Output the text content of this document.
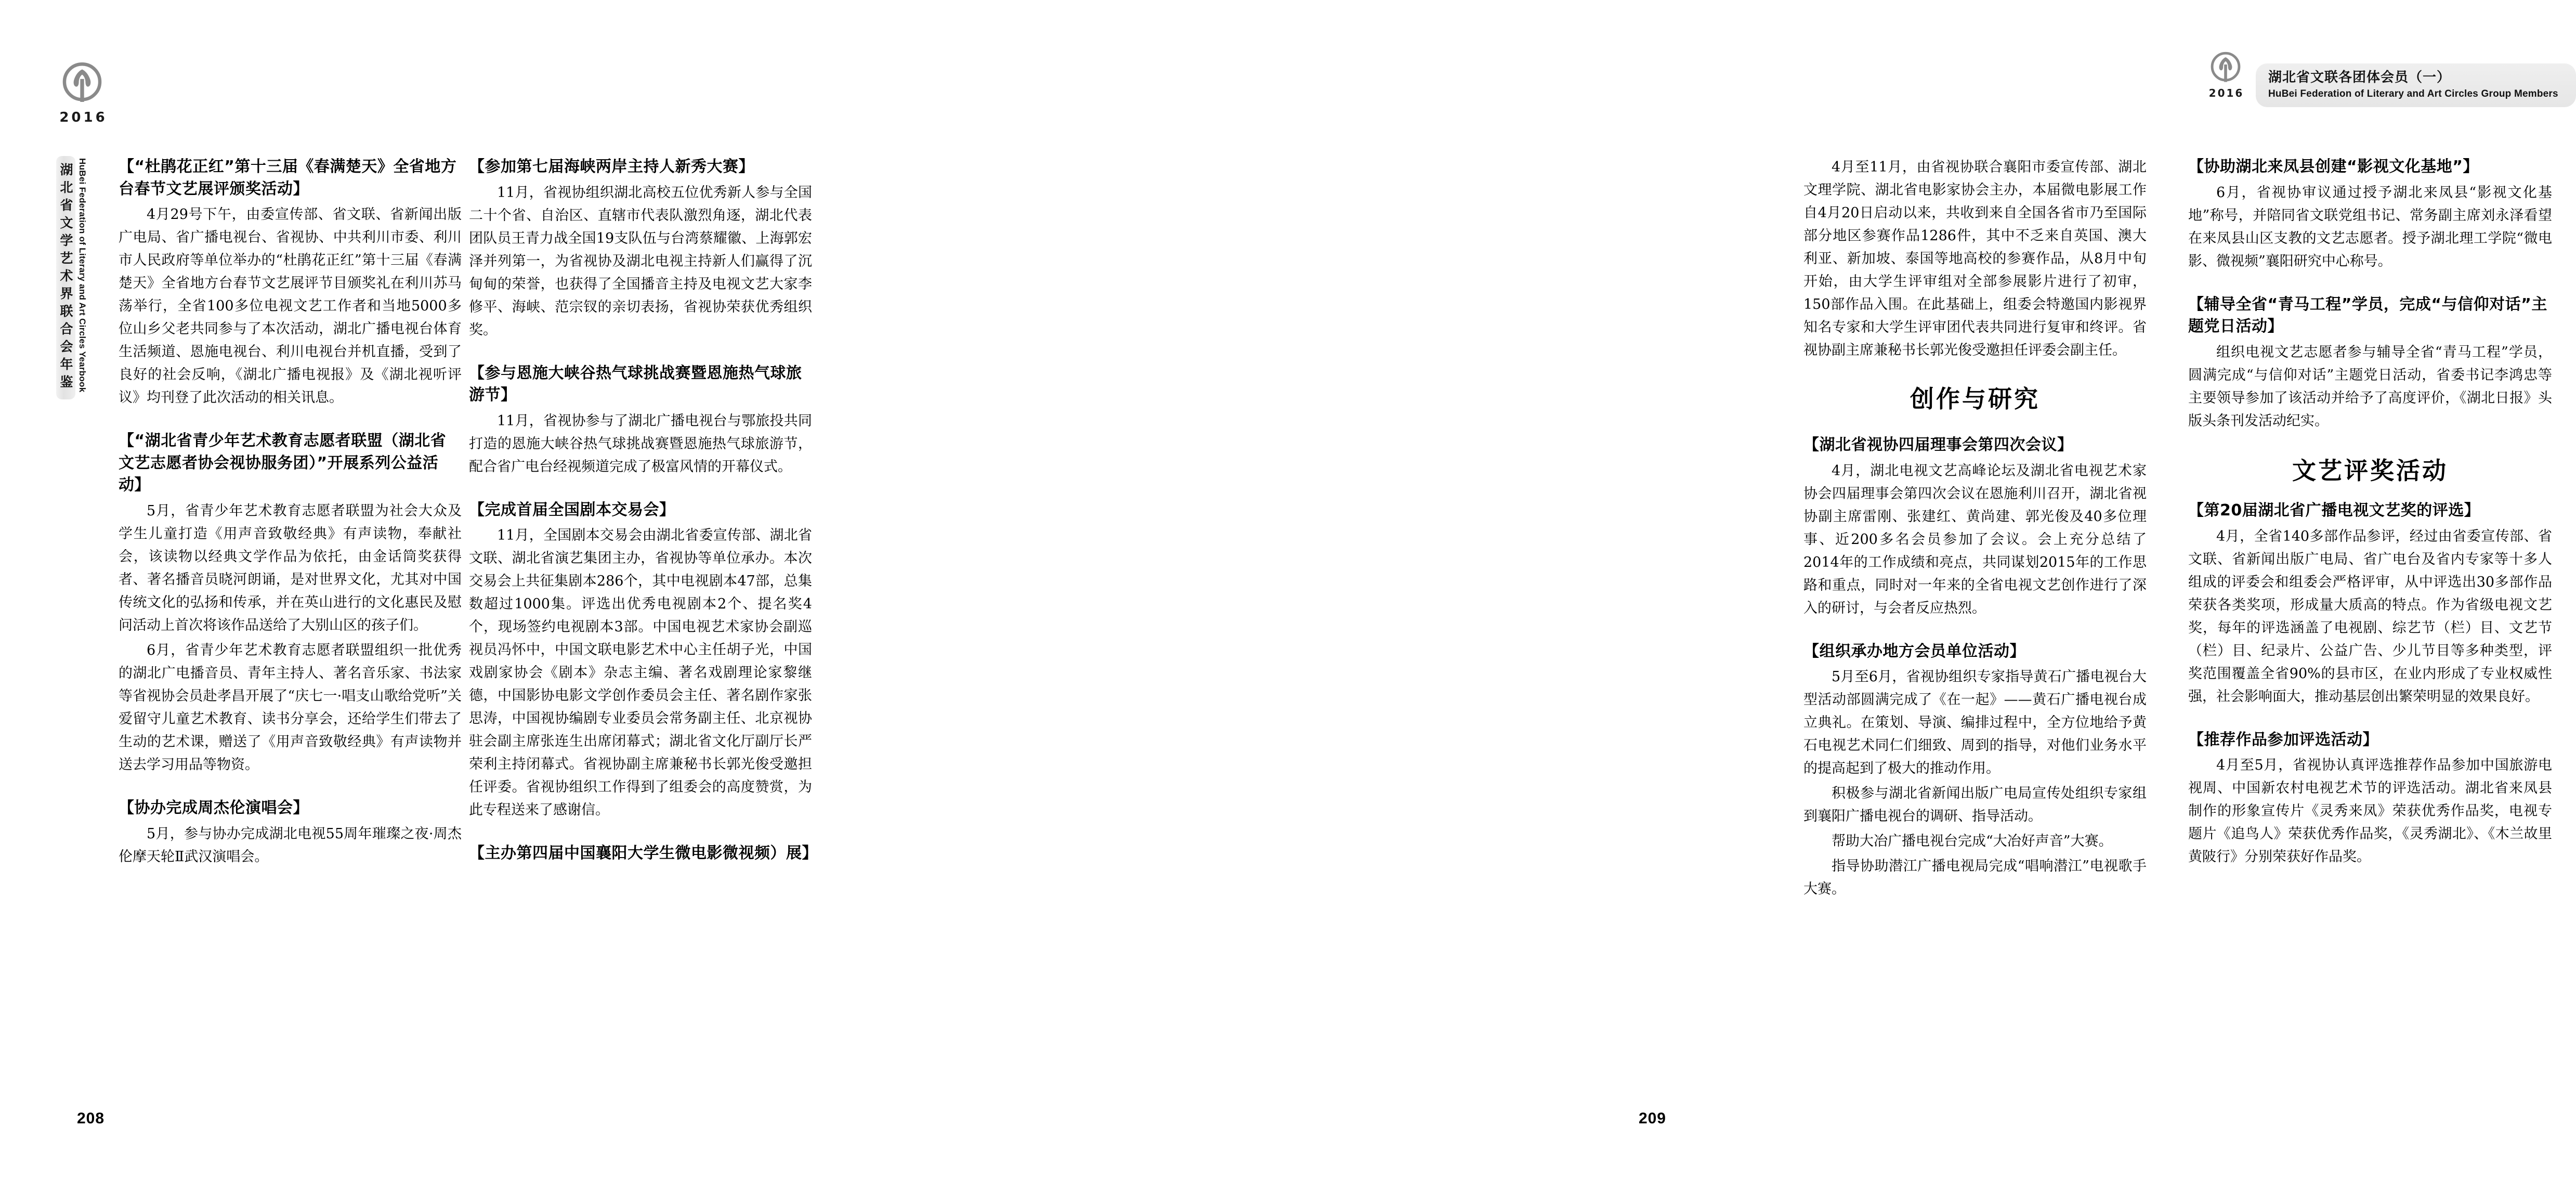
2016
湖北省文学艺术界联合会年鉴 HuBei Federation of Literary and Art Circles Yearbook 【“杜鹃花正红”第十三届《春满楚天》全省地方台春节文艺展评颁奖活动】

4月29号下午，由委宣传部、省文联、省新闻出版广电局、省广播电视台、省视协、中共利川市委、利川市人民政府等单位举办的“杜鹃花正红”第十三届《春满楚天》全省地方台春节文艺展评节目颁奖礼在利川苏马荡举行，全省100多位电视文艺工作者和当地5000多位山乡父老共同参与了本次活动，湖北广播电视台体育生活频道、恩施电视台、利川电视台并机直播，受到了良好的社会反响，《湖北广播电视报》及《湖北视听评议》均刊登了此次活动的相关讯息。

【“湖北省青少年艺术教育志愿者联盟（湖北省文艺志愿者协会视协服务团）”开展系列公益活动】

5月，省青少年艺术教育志愿者联盟为社会大众及学生儿童打造《用声音致敬经典》有声读物，奉献社会，该读物以经典文学作品为依托，由金话筒奖获得者、著名播音员晓河朗诵，是对世界文化，尤其对中国传统文化的弘扬和传承，并在英山进行的文化惠民及慰问活动上首次将该作品送给了大别山区的孩子们。

6月，省青少年艺术教育志愿者联盟组织一批优秀的湖北广电播音员、青年主持人、著名音乐家、书法家等省视协会员赴孝昌开展了“庆七一·唱支山歌给党听”关爱留守儿童艺术教育、读书分享会，还给学生们带去了生动的艺术课，赠送了《用声音致敬经典》有声读物并送去学习用品等物资。

【协办完成周杰伦演唱会】

5月，参与协办完成湖北电视55周年璀璨之夜·周杰伦摩天轮Ⅱ武汉演唱会。

【参加第七届海峡两岸主持人新秀大赛】

11月，省视协组织湖北高校五位优秀新人参与全国二十个省、自治区、直辖市代表队激烈角逐，湖北代表团队员王青力战全国19支队伍与台湾蔡耀徽、上海郭宏泽并列第一，为省视协及湖北电视主持新人们赢得了沉甸甸的荣誉，也获得了全国播音主持及电视文艺大家李修平、海峡、范宗钗的亲切表扬，省视协荣获优秀组织奖。

【参与恩施大峡谷热气球挑战赛暨恩施热气球旅游节】

11月，省视协参与了湖北广播电视台与鄂旅投共同打造的恩施大峡谷热气球挑战赛暨恩施热气球旅游节，配合省广电台经视频道完成了极富风情的开幕仪式。

【完成首届全国剧本交易会】

11月，全国剧本交易会由湖北省委宣传部、湖北省文联、湖北省演艺集团主办，省视协等单位承办。本次交易会上共征集剧本286个，其中电视剧本47部，总集数超过1000集。评选出优秀电视剧本2个、提名奖4个，现场签约电视剧本3部。中国电视艺术家协会副巡视员冯怀中，中国文联电影艺术中心主任胡子光，中国戏剧家协会《剧本》杂志主编、著名戏剧理论家黎继德，中国影协电影文学创作委员会主任、著名剧作家张思涛，中国视协编剧专业委员会常务副主任、北京视协驻会副主席张连生出席闭幕式；湖北省文化厅副厅长严荣利主持闭幕式。省视协副主席兼秘书长郭光俊受邀担任评委。省视协组织工作得到了组委会的高度赞赏，为此专程送来了感谢信。

【主办第四届中国襄阳大学生微电影微视频）展】
208
2016
湖北省文联各团体会员（一）
HuBei Federation of Literary and Art Circles Group Members

4月至11月，由省视协联合襄阳市委宣传部、湖北文理学院、湖北省电影家协会主办，本届微电影展工作自4月20日启动以来，共收到来自全国各省市乃至国际部分地区参赛作品1286件，其中不乏来自英国、澳大利亚、新加坡、泰国等地高校的参赛作品，从8月中旬开始，由大学生评审组对全部参展影片进行了初审，150部作品入围。在此基础上，组委会特邀国内影视界知名专家和大学生评审团代表共同进行复审和终评。省视协副主席兼秘书长郭光俊受邀担任评委会副主任。

创作与研究
【湖北省视协四届理事会第四次会议】

4月，湖北电视文艺高峰论坛及湖北省电视艺术家协会四届理事会第四次会议在恩施利川召开，湖北省视协副主席雷刚、张建红、黄尚建、郭光俊及40多位理事、近200多名会员参加了会议。会上充分总结了2014年的工作成绩和亮点，共同谋划2015年的工作思路和重点，同时对一年来的全省电视文艺创作进行了深入的研讨，与会者反应热烈。

【组织承办地方会员单位活动】

5月至6月，省视协组织专家指导黄石广播电视台大型活动部圆满完成了《在一起》——黄石广播电视台成立典礼。在策划、导演、编排过程中，全方位地给予黄石电视艺术同仁们细致、周到的指导，对他们业务水平的提高起到了极大的推动作用。

积极参与湖北省新闻出版广电局宣传处组织专家组到襄阳广播电视台的调研、指导活动。

帮助大冶广播电视台完成“大冶好声音”大赛。

指导协助潜江广播电视局完成“唱响潜江”电视歌手大赛。

【协助湖北来凤县创建“影视文化基地”】

6月，省视协审议通过授予湖北来凤县“影视文化基地”称号，并陪同省文联党组书记、常务副主席刘永泽看望在来凤县山区支教的文艺志愿者。授予湖北理工学院“微电影、微视频”襄阳研究中心称号。

【辅导全省“青马工程”学员，完成“与信仰对话”主题党日活动】

组织电视文艺志愿者参与辅导全省“青马工程”学员，圆满完成“与信仰对话”主题党日活动，省委书记李鸿忠等主要领导参加了该活动并给予了高度评价，《湖北日报》头版头条刊发活动纪实。

文艺评奖活动
【第20届湖北省广播电视文艺奖的评选】

4月，全省140多部作品参评，经过由省委宣传部、省文联、省新闻出版广电局、省广电台及省内专家等十多人组成的评委会和组委会严格评审，从中评选出30多部作品荣获各类奖项，形成量大质高的特点。作为省级电视文艺奖，每年的评选涵盖了电视剧、综艺节（栏）目、文艺节（栏）目、纪录片、公益广告、少儿节目等多种类型，评奖范围覆盖全省90%的县市区，在业内形成了专业权威性强，社会影响面大，推动基层创出繁荣明显的效果良好。

【推荐作品参加评选活动】

4月至5月，省视协认真评选推荐作品参加中国旅游电视周、中国新农村电视艺术节的评选活动。湖北省来凤县制作的形象宣传片《灵秀来凤》荣获优秀作品奖，电视专题片《追鸟人》荣获优秀作品奖，《灵秀湖北》、《木兰故里黄陂行》分别荣获好作品奖。

209
